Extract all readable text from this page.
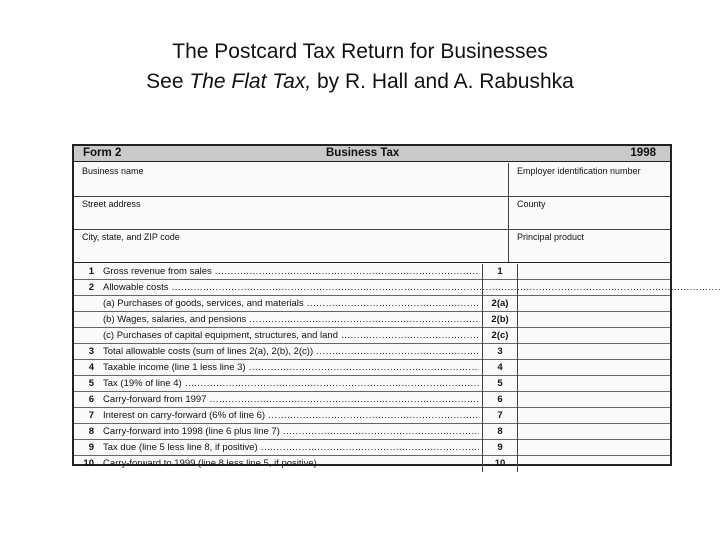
The Postcard Tax Return for Businesses
See The Flat Tax, by R. Hall and A. Rabushka
Form 2	Business Tax	1998
Business name	Employer identification number
Street address	County
City, state, and ZIP code	Principal product
1 Gross revenue from sales .....	1
2 Allowable costs .....
(a) Purchases of goods, services, and materials .....	2(a)
(b) Wages, salaries, and pensions .....	2(b)
(c) Purchases of capital equipment, structures, and land .....	2(c)
3 Total allowable costs (sum of lines 2(a), 2(b), 2(c)) .....	3
4 Taxable income (line 1 less line 3) .....	4
5 Tax (19% of line 4) .....	5
6 Carry-forward from 1997 .....	6
7 Interest on carry-forward (6% of line 6) .....	7
8 Carry-forward into 1998 (line 6 plus line 7) .....	8
9 Tax due (line 5 less line 8, if positive) .....	9
10 Carry-forward to 1999 (line 8 less line 5, if positive) .....	10
